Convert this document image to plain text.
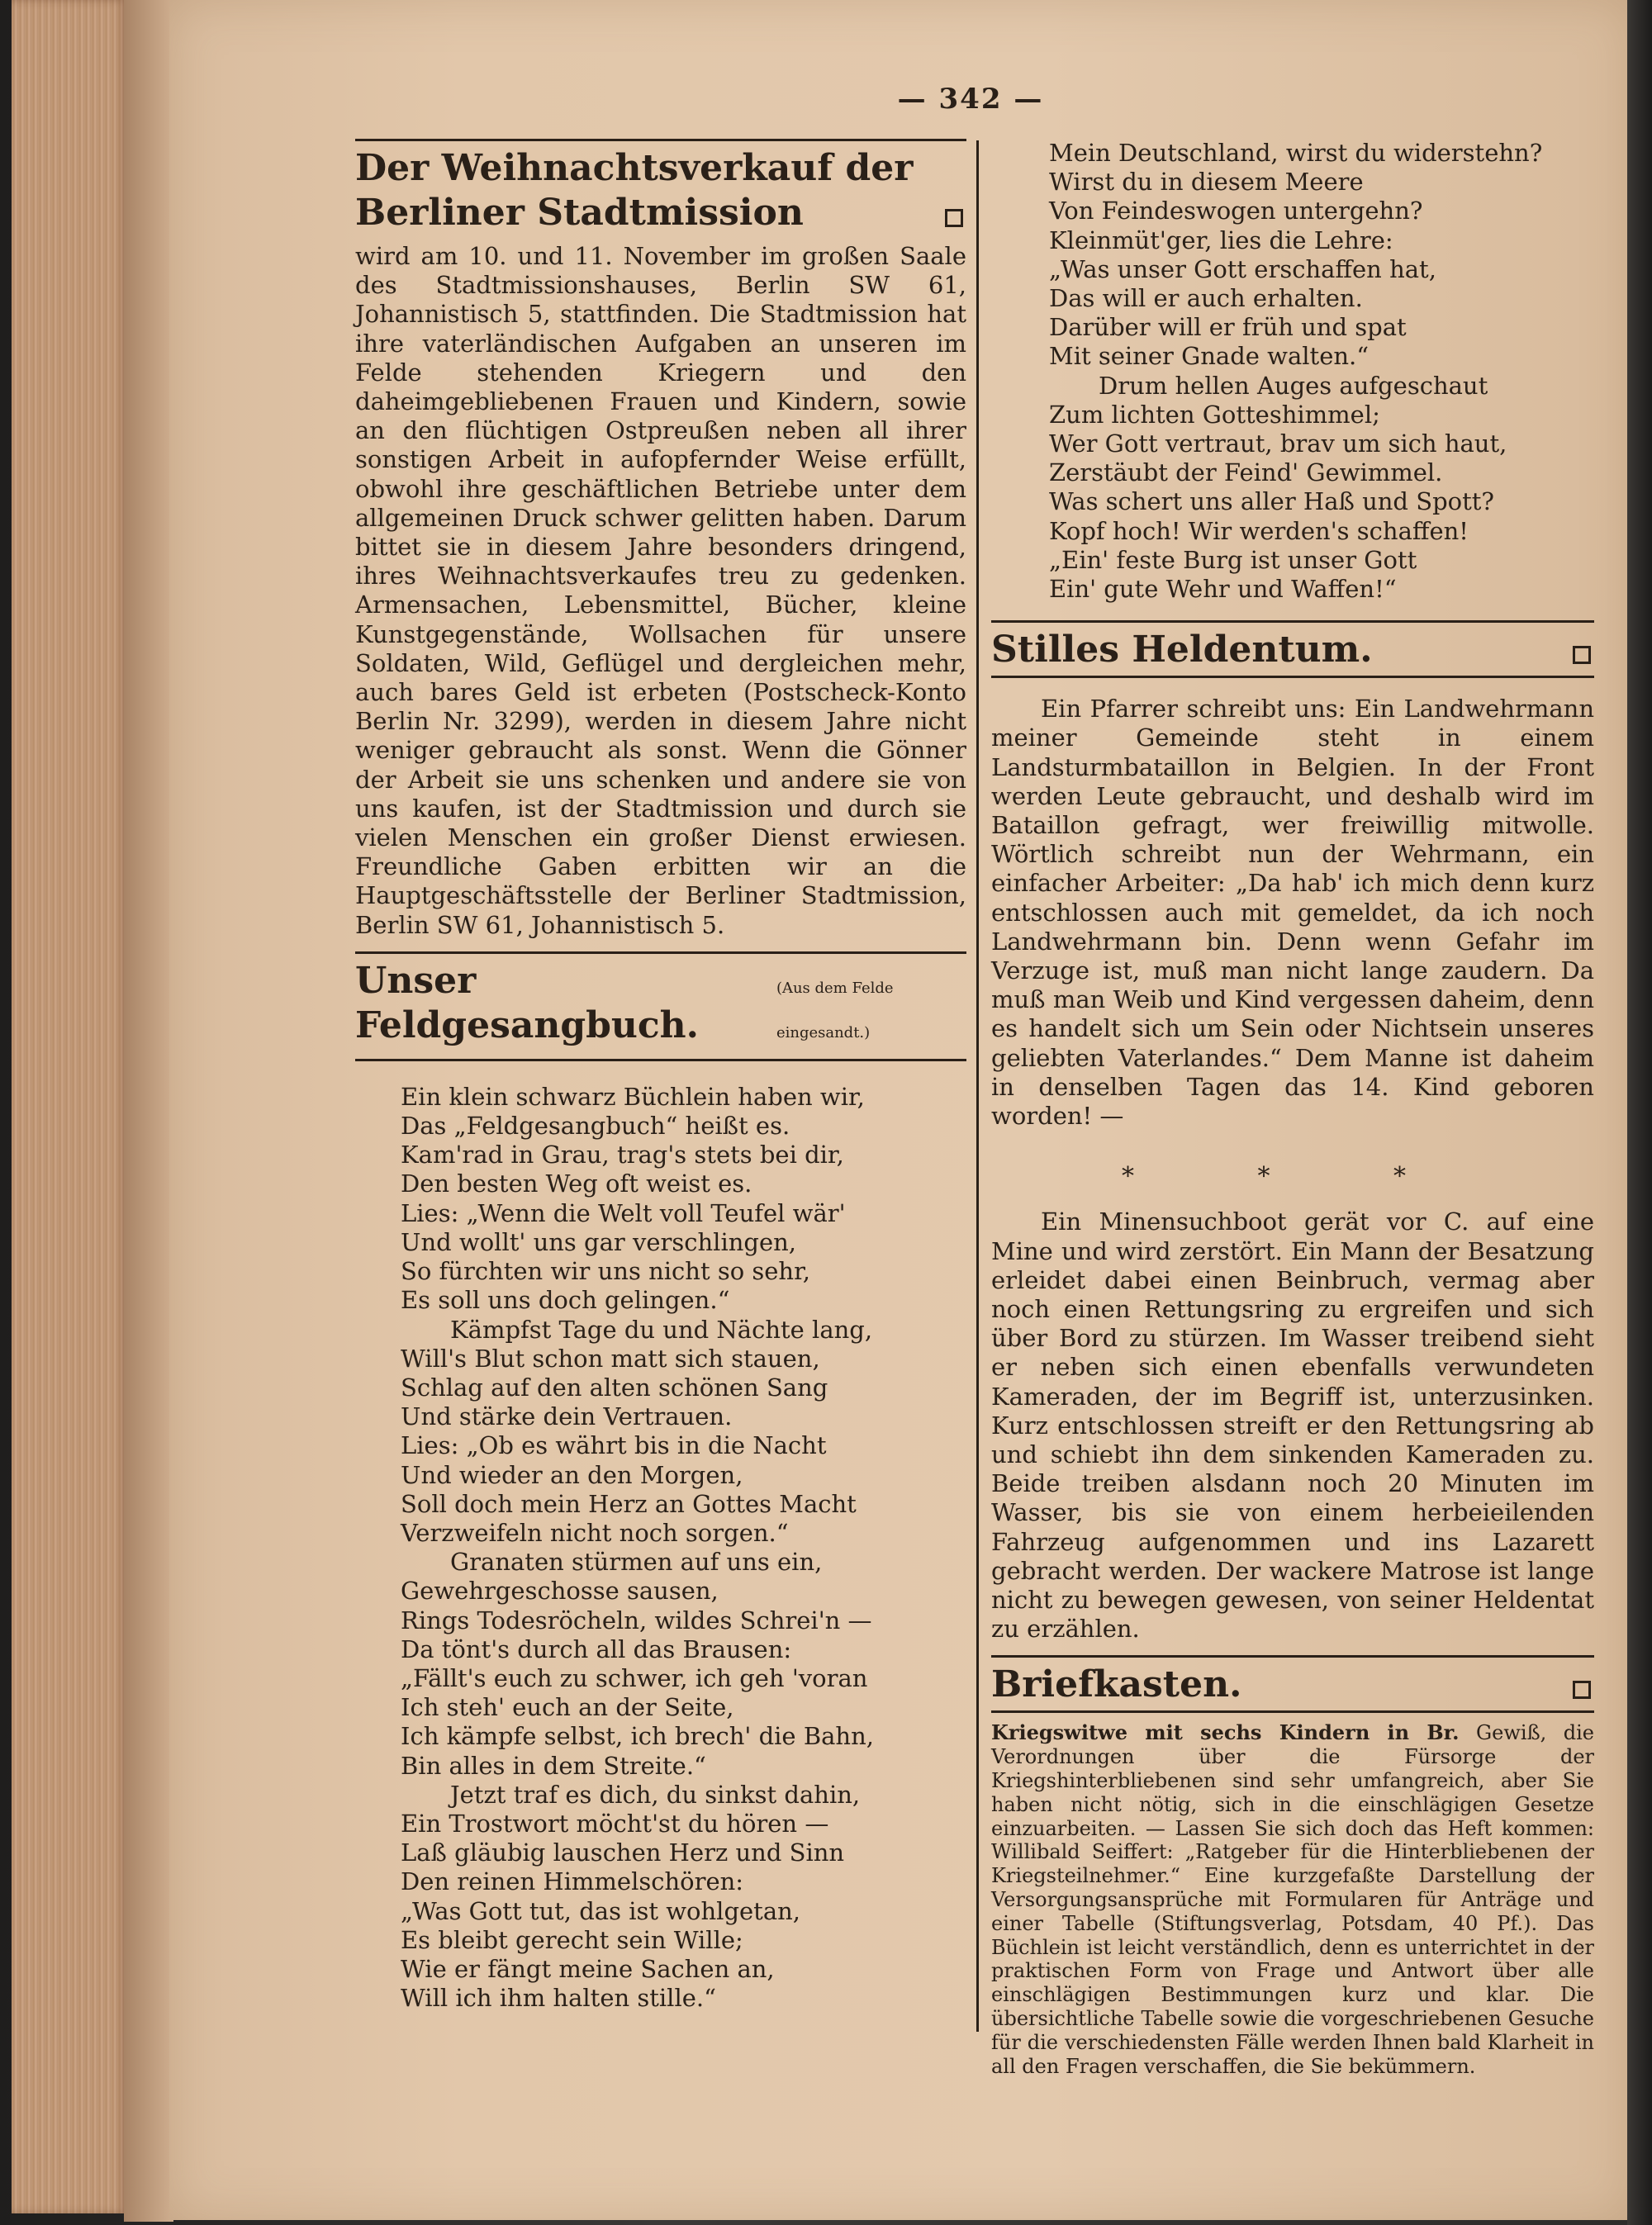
— 342 —
Der Weihnachtsverkauf der Berliner Stadtmission

wird am 10. und 11. November im großen Saale des Stadtmissionshauses, Berlin SW 61, Johannistisch 5, stattfinden. Die Stadtmission hat ihre vaterländischen Aufgaben an unseren im Felde stehenden Kriegern und den daheimgebliebenen Frauen und Kindern, sowie an den flüchtigen Ostpreußen neben all ihrer sonstigen Arbeit in aufopfernder Weise erfüllt, obwohl ihre geschäftlichen Betriebe unter dem allgemeinen Druck schwer gelitten haben. Darum bittet sie in diesem Jahre besonders dringend, ihres Weihnachtsverkaufes treu zu gedenken. Armensachen, Lebensmittel, Bücher, kleine Kunstgegenstände, Wollsachen für unsere Soldaten, Wild, Geflügel und dergleichen mehr, auch bares Geld ist erbeten (Postscheck-Konto Berlin Nr. 3299), werden in diesem Jahre nicht weniger gebraucht als sonst. Wenn die Gönner der Arbeit sie uns schenken und andere sie von uns kaufen, ist der Stadtmission und durch sie vielen Menschen ein großer Dienst erwiesen. Freundliche Gaben erbitten wir an die Hauptgeschäftsstelle der Berliner Stadtmission, Berlin SW 61, Johannistisch 5.

Unser Feldgesangbuch.
(Aus dem Felde eingesandt.)
Ein klein schwarz Büchlein haben wir,
Das „Feldgesangbuch“ heißt es.
Kam'rad in Grau, trag's stets bei dir,
Den besten Weg oft weist es.
Lies: „Wenn die Welt voll Teufel wär'
Und wollt' uns gar verschlingen,
So fürchten wir uns nicht so sehr,
Es soll uns doch gelingen.“
Kämpfst Tage du und Nächte lang,
Will's Blut schon matt sich stauen,
Schlag auf den alten schönen Sang
Und stärke dein Vertrauen.
Lies: „Ob es währt bis in die Nacht
Und wieder an den Morgen,
Soll doch mein Herz an Gottes Macht
Verzweifeln nicht noch sorgen.“
Granaten stürmen auf uns ein,
Gewehrgeschosse sausen,
Rings Todesröcheln, wildes Schrei'n —
Da tönt's durch all das Brausen:
„Fällt's euch zu schwer, ich geh 'voran
Ich steh' euch an der Seite,
Ich kämpfe selbst, ich brech' die Bahn,
Bin alles in dem Streite.“
Jetzt traf es dich, du sinkst dahin,
Ein Trostwort möcht'st du hören —
Laß gläubig lauschen Herz und Sinn
Den reinen Himmelschören:
„Was Gott tut, das ist wohlgetan,
Es bleibt gerecht sein Wille;
Wie er fängt meine Sachen an,
Will ich ihm halten stille.“
Mein Deutschland, wirst du widerstehn?
Wirst du in diesem Meere
Von Feindeswogen untergehn?
Kleinmüt'ger, lies die Lehre:
„Was unser Gott erschaffen hat,
Das will er auch erhalten.
Darüber will er früh und spat
Mit seiner Gnade walten.“
Drum hellen Auges aufgeschaut
Zum lichten Gotteshimmel;
Wer Gott vertraut, brav um sich haut,
Zerstäubt der Feind' Gewimmel.
Was schert uns aller Haß und Spott?
Kopf hoch! Wir werden's schaffen!
„Ein' feste Burg ist unser Gott
Ein' gute Wehr und Waffen!“
Stilles Heldentum.

Ein Pfarrer schreibt uns: Ein Landwehrmann meiner Gemeinde steht in einem Landsturmbataillon in Belgien. In der Front werden Leute gebraucht, und deshalb wird im Bataillon gefragt, wer freiwillig mitwolle. Wörtlich schreibt nun der Wehrmann, ein einfacher Arbeiter: „Da hab' ich mich denn kurz entschlossen auch mit gemeldet, da ich noch Landwehrmann bin. Denn wenn Gefahr im Verzuge ist, muß man nicht lange zaudern. Da muß man Weib und Kind vergessen daheim, denn es handelt sich um Sein oder Nichtsein unseres geliebten Vaterlandes.“ Dem Manne ist daheim in denselben Tagen das 14. Kind geboren worden! —

* * *

Ein Minensuchboot gerät vor C. auf eine Mine und wird zerstört. Ein Mann der Besatzung erleidet dabei einen Beinbruch, vermag aber noch einen Rettungsring zu ergreifen und sich über Bord zu stürzen. Im Wasser treibend sieht er neben sich einen ebenfalls verwundeten Kameraden, der im Begriff ist, unterzusinken. Kurz entschlossen streift er den Rettungsring ab und schiebt ihn dem sinkenden Kameraden zu. Beide treiben alsdann noch 20 Minuten im Wasser, bis sie von einem herbeieilenden Fahrzeug aufgenommen und ins Lazarett gebracht werden. Der wackere Matrose ist lange nicht zu bewegen gewesen, von seiner Heldentat zu erzählen.

Briefkasten.
Kriegswitwe mit sechs Kindern in Br. Gewiß, die Verordnungen über die Fürsorge der Kriegshinterbliebenen sind sehr umfangreich, aber Sie haben nicht nötig, sich in die einschlägigen Gesetze einzuarbeiten. — Lassen Sie sich doch das Heft kommen: Willibald Seiffert: „Ratgeber für die Hinterbliebenen der Kriegsteilnehmer.“ Eine kurzgefaßte Darstellung der Versorgungsansprüche mit Formularen für Anträge und einer Tabelle (Stiftungsverlag, Potsdam, 40 Pf.). Das Büchlein ist leicht verständlich, denn es unterrichtet in der praktischen Form von Frage und Antwort über alle einschlägigen Bestimmungen kurz und klar. Die übersichtliche Tabelle sowie die vorgeschriebenen Gesuche für die verschiedensten Fälle werden Ihnen bald Klarheit in all den Fragen verschaffen, die Sie bekümmern.
